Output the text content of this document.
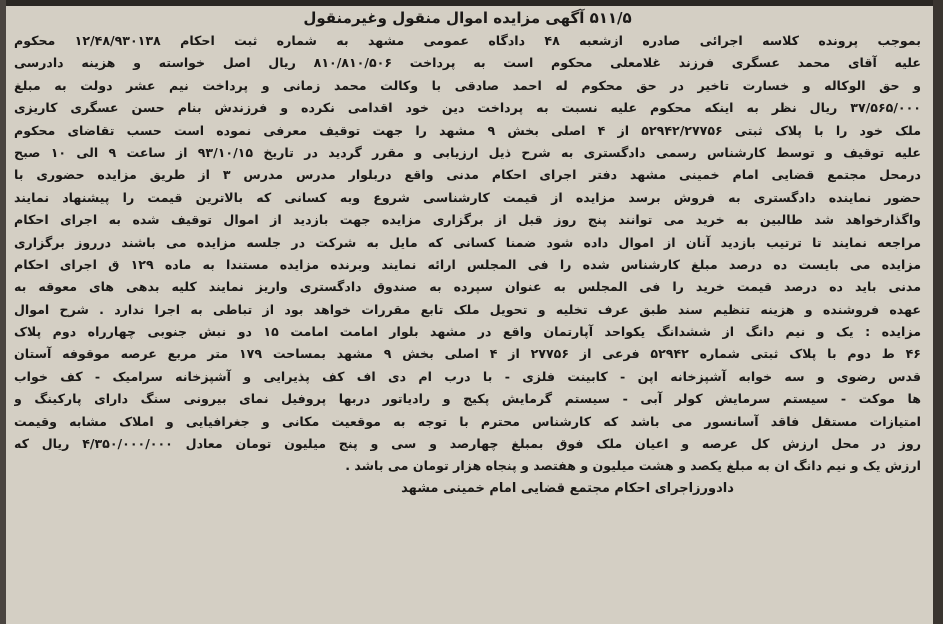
۵۱۱/۵ آگهی مزایده اموال منقول وغیرمنقول
بموجب پرونده کلاسه اجرائی صادره ازشعبه ۴۸ دادگاه عمومی مشهد به شماره ثبت احکام ۱۲/۴۸/۹۳۰۱۳۸ محکوم
علیه آقای محمد عسگری فرزند غلامعلی محکوم است به پرداخت ۸۱۰/۸۱۰/۵۰۶ ریال اصل خواسته و هزینه دادرسی
و حق الوکاله و خسارت تاخیر در حق محکوم له احمد صادقی با وکالت محمد زمانی و پرداخت نیم عشر دولت به مبلغ
۳۷/۵۶۵/۰۰۰ ریال نظر به اینکه محکوم علیه نسبت به پرداخت دین خود اقدامی نکرده و فرزندش بنام حسن عسگری کاریزی
ملک خود را با پلاک ثبتی ۵۲۹۴۲/۲۷۷۵۶ از ۴ اصلی بخش ۹ مشهد را جهت توقیف معرفی نموده است حسب تقاضای محکوم
علیه توقیف و توسط کارشناس رسمی دادگستری به شرح ذیل ارزیابی و مقرر گردید در تاریخ ۹۳/۱۰/۱۵ از ساعت ۹ الی ۱۰ صبح
درمحل مجتمع قضایی امام خمینی مشهد دفتر اجرای احکام مدنی واقع دربلوار مدرس مدرس ۳ از طریق مزایده حضوری با
حضور نماینده دادگستری به فروش برسد مزایده از قیمت کارشناسی شروع وبه کسانی که بالاترین قیمت را پیشنهاد نمایند
واگذارخواهد شد طالبین به خرید می توانند پنج روز قبل از برگزاری مزایده جهت بازدید از اموال توقیف شده به اجرای احکام
مراجعه نمایند تا ترتیب بازدید آنان از اموال داده شود ضمنا کسانی که مایل به شرکت در جلسه مزایده می باشند درروز برگزاری
مزایده می بایست ده درصد مبلغ کارشناس شده را فی المجلس ارائه نمایند وبرنده مزایده مستندا به ماده ۱۲۹ ق اجرای احکام
مدنی باید ده درصد قیمت خرید را فی المجلس به عنوان سپرده به صندوق دادگستری واریز نمایند کلیه بدهی های معوقه به
عهده فروشنده و هزینه تنظیم سند طبق عرف تخلیه و تحویل ملک تابع مقررات خواهد بود از تباطی به اجرا ندارد . شرح اموال
مزایده : یک و نیم دانگ از ششدانگ یکواحد آپارتمان واقع در مشهد بلوار امامت امامت ۱۵ دو نبش جنوبی چهارراه دوم پلاک
۴۶ ط دوم با پلاک ثبتی شماره ۵۲۹۴۲ فرعی از ۲۷۷۵۶ از ۴ اصلی بخش ۹ مشهد بمساحت ۱۷۹ متر مربع عرصه موقوفه آستان
قدس رضوی و سه خوابه آشپزخانه اپن - کابینت فلزی - با درب ام دی اف کف پذیرایی و آشپزخانه سرامیک - کف خواب
ها موکت - سیستم سرمایش کولر آبی - سیستم گرمایش پکیج و رادیاتور دربها پروفیل نمای بیرونی سنگ دارای پارکینگ و
امتیازات مستقل فاقد آسانسور می باشد که کارشناس محترم با توجه به موقعیت مکانی و جغرافیایی و املاک مشابه وقیمت
روز در محل ارزش کل عرصه و اعیان ملک فوق بمبلغ چهارصد و سی و پنج میلیون تومان معادل ۴/۳۵۰/۰۰۰/۰۰۰ ریال که
ارزش یک و نیم دانگ ان به مبلغ یکصد و هشت میلیون و هفتصد و پنجاه هزار تومان می باشد .
دادورزاجرای احکام مجتمع قضایی امام خمینی مشهد
